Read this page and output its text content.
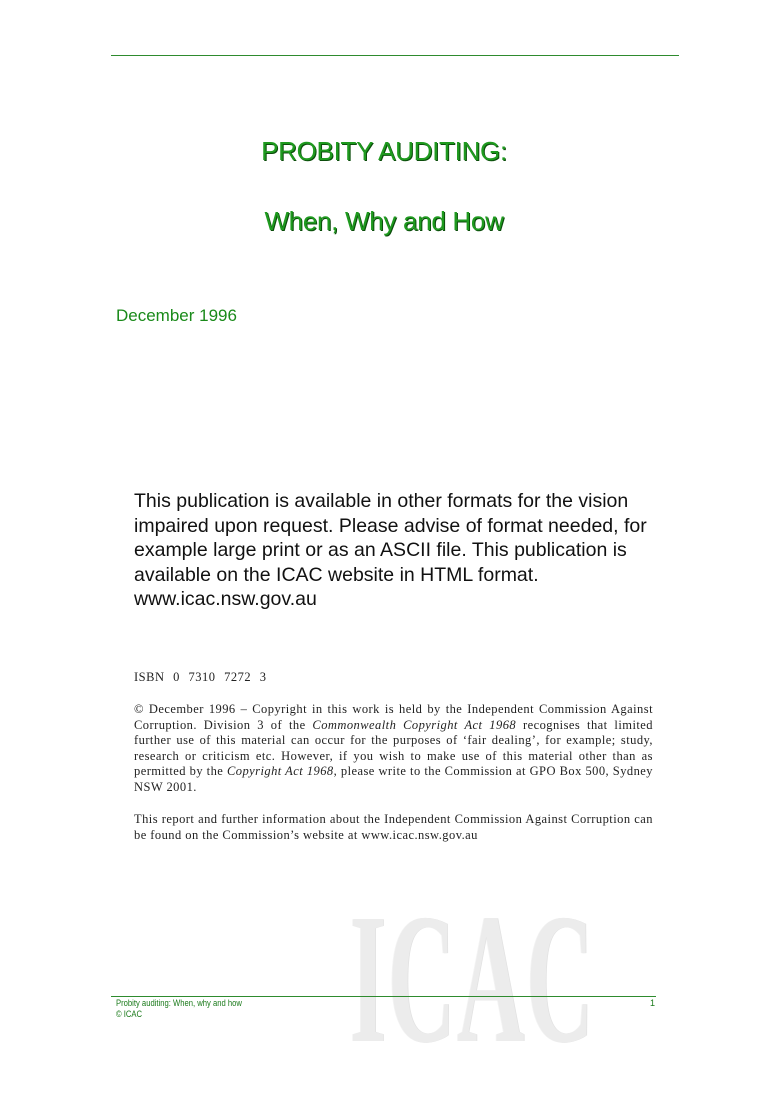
PROBITY AUDITING:
When, Why and How
December 1996

This publication is available in other formats for the vision impaired upon request. Please advise of format needed, for example large print or as an ASCII file. This publication is available on the ICAC website in HTML format. www.icac.nsw.gov.au

ISBN 0 7310 7272 3

© December 1996 – Copyright in this work is held by the Independent Commission Against Corruption. Division 3 of the Commonwealth Copyright Act 1968 recognises that limited further use of this material can occur for the purposes of ‘fair dealing’, for example; study, research or criticism etc. However, if you wish to make use of this material other than as permitted by the Copyright Act 1968, please write to the Commission at GPO Box 500, Sydney NSW 2001.

This report and further information about the Independent Commission Against Corruption can be found on the Commission’s website at www.icac.nsw.gov.au

ICAC
Probity auditing: When, why and how
© ICAC
1
